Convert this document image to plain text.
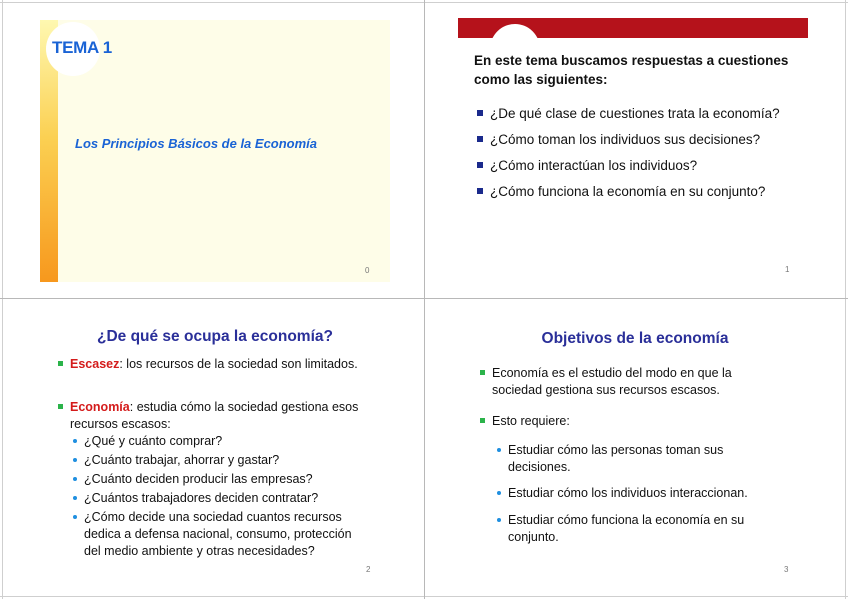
TEMA 1
Los Principios Básicos de la Economía
0
En este tema buscamos respuestas a cuestiones como las siguientes:
¿De qué clase de cuestiones trata la economía?
¿Cómo toman los individuos sus decisiones?
¿Cómo interactúan los individuos?
¿Cómo funciona la economía en su conjunto?
1
¿De qué se ocupa la economía?
Escasez: los recursos de la sociedad son limitados.
Economía: estudia cómo la sociedad gestiona esos recursos escasos:
¿Qué y cuánto comprar?
¿Cuánto trabajar, ahorrar y gastar?
¿Cuánto deciden producir las empresas?
¿Cuántos trabajadores deciden contratar?
¿Cómo decide una sociedad cuantos recursos dedica a defensa nacional, consumo, protección del medio ambiente y otras necesidades?
2
Objetivos de la economía
Economía es el estudio del modo en que la sociedad gestiona sus recursos escasos.
Esto requiere:
Estudiar cómo las personas toman sus decisiones.
Estudiar cómo los individuos interaccionan.
Estudiar cómo funciona la economía en su conjunto.
3
